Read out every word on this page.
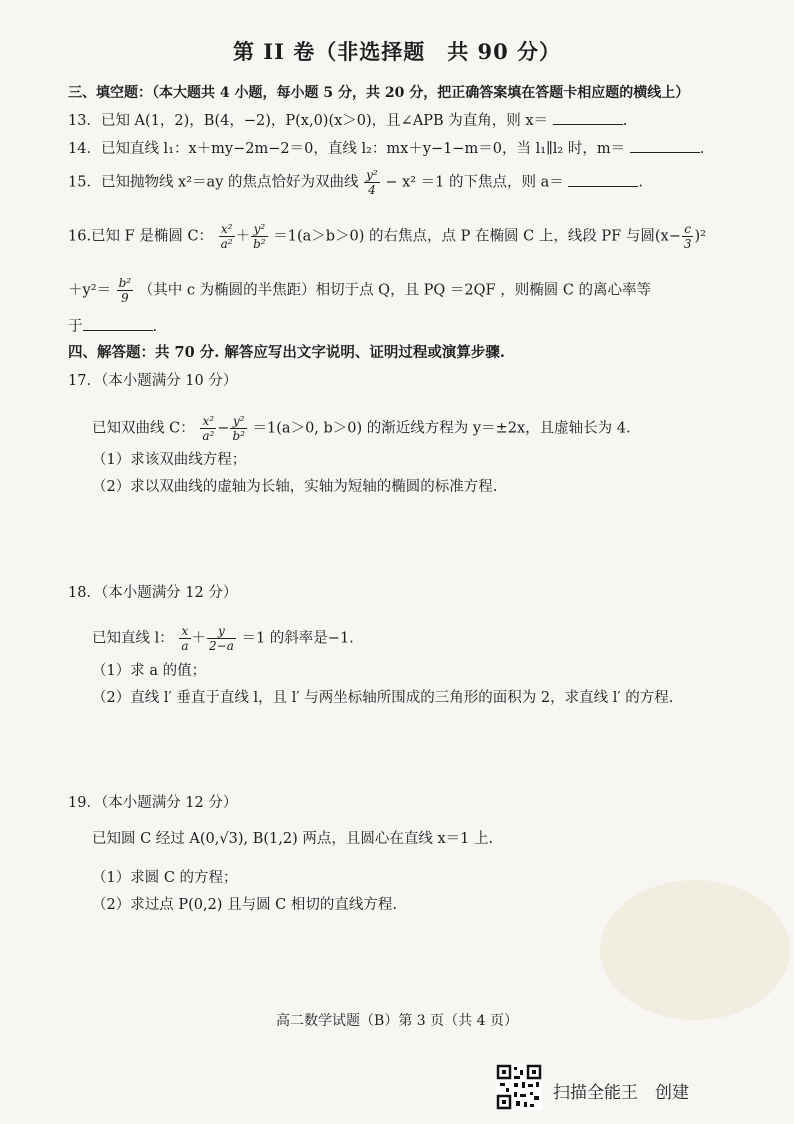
第 II 卷（非选择题　共 90 分）
三、填空题：（本大题共 4 小题，每小题 5 分，共 20 分，把正确答案填在答题卡相应题的横线上）
13．已知 A(1，2)，B(4，−2)，P(x,0)(x＞0)，且∠APB 为直角，则 x＝	.
14．已知直线 l₁：x＋my−2m−2＝0，直线 l₂：mx＋y−1−m＝0，当 l₁∥l₂ 时，m＝	.
15．已知抛物线 x²＝ay 的焦点恰好为双曲线 $\frac{\text{y²}}{4} - x^2 =1$ 的下焦点，则 a＝	.
16.已知 F 是椭圆 C： $\frac{\text{x²}}{\text{a²}} + \frac{\text{y²}}{\text{b²}} =1(a>b>0)$ 的右焦点，点 P 在椭圆 C 上，线段 PF 与圆$(x- \frac{c}{3} )^2$
$+y^2= \frac{\text{b²}}{9}$ （其中 c 为椭圆的半焦距）相切于点 Q，且 PQ ＝2QF ，则椭圆 C 的离心率等
于	.
四、解答题：共 70 分. 解答应写出文字说明、证明过程或演算步骤.
17．（本小题满分 10 分）
已知双曲线 C： $\frac{\text{x²}}{\text{a²}} - \frac{\text{y²}}{\text{b²}} =1(a>0$, b＞0) 的渐近线方程为 y＝±2x，且虚轴长为 4.
（1）求该双曲线方程；
（2）求以双曲线的虚轴为长轴，实轴为短轴的椭圆的标准方程.
18．（本小题满分 12 分）
已知直线 l： $\frac{x}{a} + \frac{y}{2-a} =1$ 的斜率是−1.
（1）求 a 的值；
（2）直线 l′ 垂直于直线 l，且 l′ 与两坐标轴所围成的三角形的面积为 2，求直线 l′ 的方程.
19．（本小题满分 12 分）
已知圆 C 经过 A(0,√3), B(1,2) 两点，且圆心在直线 x＝1 上.
（1）求圆 C 的方程；
（2）求过点 P(0,2) 且与圆 C 相切的直线方程.
高二数学试题（B）第 3 页（共 4 页）
扫描全能王　创建
